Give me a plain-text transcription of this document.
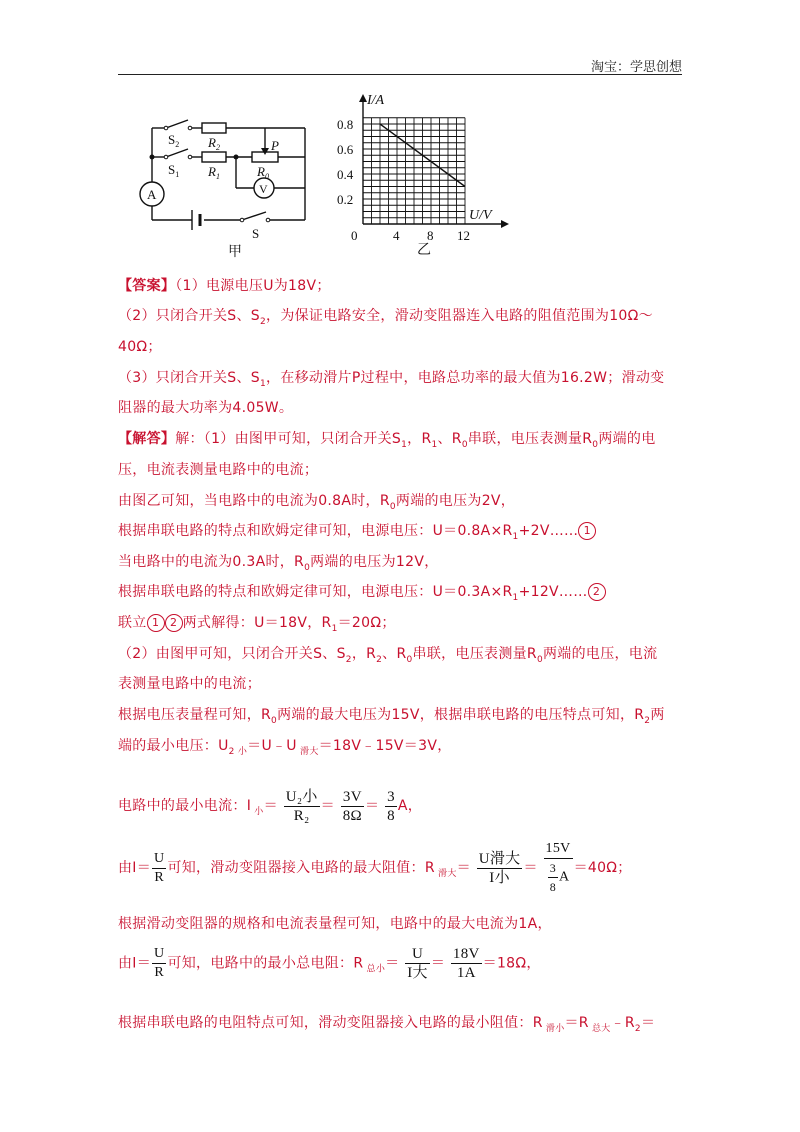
淘宝：学思创想
$S_2$ $R_2$
$S_1$ $R_1$	$R_0$
P
A	V
S
甲
0.8
0.6
0.4
0.2
0	4 8 12
I/A
U/V
乙
【答案】（1）电源电压U为18V；
（2）只闭合开关S、$S_2$，为保证电路安全，滑动变阻器连入电路的阻值范围为10Ω～
40Ω；
（3）只闭合开关S、$S_1$，在移动滑片P过程中，电路总功率的最大值为16.2W；滑动变
阻器的最大功率为4.05W。
【解答】解：（1）由图甲可知，只闭合开关$S_1$，$R_1$、$R_0$串联，电压表测量$R_0$两端的电
压，电流表测量电路中的电流；
由图乙可知，当电路中的电流为0.8A时，$R_0$两端的电压为2V，
根据串联电路的特点和欧姆定律可知，电源电压：$U=0.8A\times R_1+2V\dots\dots$ 1
当电路中的电流为0.3A时，$R_0$两端的电压为12V，
根据串联电路的特点和欧姆定律可知，电源电压：$U=0.3A\times R_1+12V\dots\dots$ 2
联立 1 2 两式解得：U＝18V，$R_1=20\Omega$；
（2）由图甲可知，只闭合开关S、$S_2$，$R_2$、$R_0$串联，电压表测量$R_0$两端的电压，电流
表测量电路中的电流；
根据电压表量程可知，$R_0$两端的最大电压为15V，根据串联电路的电压特点可知，$R_2$两
端的最小电压：$U_{2 小}=U﹣U$ $_{滑大}$＝18V﹣15V＝3V，
电路中的最小电流：I $_小= \frac{\text{U₂小}}{\text{R₂}} = \frac{3V}{8\Omega} = \frac{3}{8}$ A，
由$I= \frac{U}{R}$ 可知，滑动变阻器接入电路的最大阻值：R $_{滑大}= \frac{\text{U滑大}}{\text{I小}} = \frac{15V}{\frac{3}{8} A} =40\Omega$；
根据滑动变阻器的规格和电流表量程可知，电路中的最大电流为1A，
由$I= \frac{U}{R}$ 可知，电路中的最小总电阻：R $_{总小}= \frac{U}{\text{I大}} = \frac{18V}{1A} =18\Omega$，
根据串联电路的电阻特点可知，滑动变阻器接入电路的最小阻值：R $_{滑小}$＝R $_{总大}﹣R_2=$
